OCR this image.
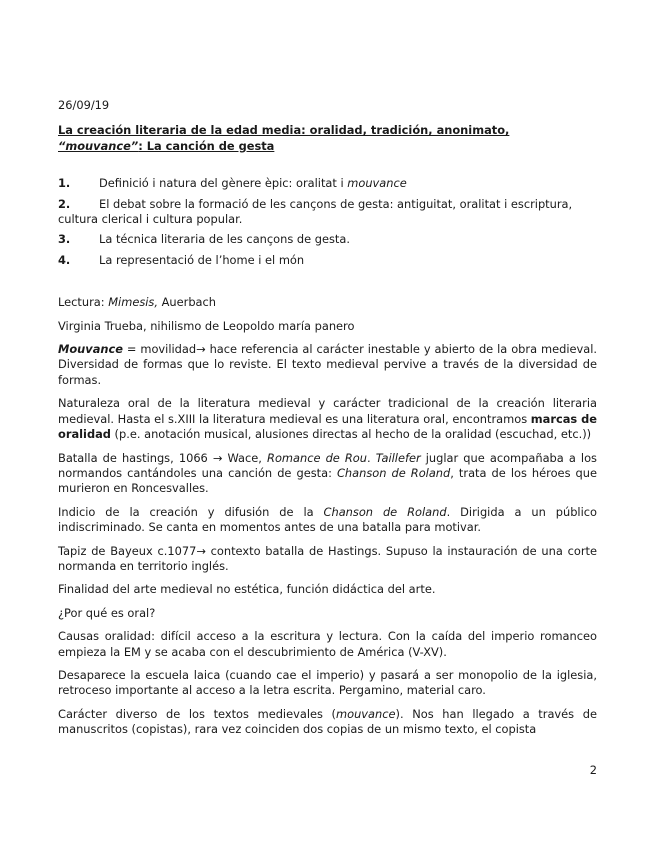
26/09/19
La creación literaria de la edad media: oralidad, tradición, anonimato,
“mouvance”: La canción de gesta
1.	Definició i natura del gènere èpic: oralitat i mouvance
2.	El debat sobre la formació de les cançons de gesta: antiguitat, oralitat i escriptura, cultura clerical i cultura popular.
3.	La técnica literaria de les cançons de gesta.
4.	La representació de l’home i el món

Lectura: Mimesis, Auerbach

Virginia Trueba, nihilismo de Leopoldo maría panero

Mouvance = movilidad→ hace referencia al carácter inestable y abierto de la obra medieval. Diversidad de formas que lo reviste. El texto medieval pervive a través de la diversidad de formas.

Naturaleza oral de la literatura medieval y carácter tradicional de la creación literaria medieval. Hasta el s.XIII la literatura medieval es una literatura oral, encontramos marcas de oralidad (p.e. anotación musical, alusiones directas al hecho de la oralidad (escuchad, etc.))

Batalla de hastings, 1066 → Wace, Romance de Rou. Taillefer juglar que acompañaba a los normandos cantándoles una canción de gesta: Chanson de Roland, trata de los héroes que murieron en Roncesvalles.

Indicio de la creación y difusión de la Chanson de Roland. Dirigida a un público indiscriminado. Se canta en momentos antes de una batalla para motivar.

Tapiz de Bayeux c.1077→ contexto batalla de Hastings. Supuso la instauración de una corte normanda en territorio inglés.

Finalidad del arte medieval no estética, función didáctica del arte.

¿Por qué es oral?

Causas oralidad: difícil acceso a la escritura y lectura. Con la caída del imperio romanceo empieza la EM y se acaba con el descubrimiento de América (V-XV).

Desaparece la escuela laica (cuando cae el imperio) y pasará a ser monopolio de la iglesia, retroceso importante al acceso a la letra escrita. Pergamino, material caro.

Carácter diverso de los textos medievales (mouvance). Nos han llegado a través de manuscritos (copistas), rara vez coinciden dos copias de un mismo texto, el copista

2
